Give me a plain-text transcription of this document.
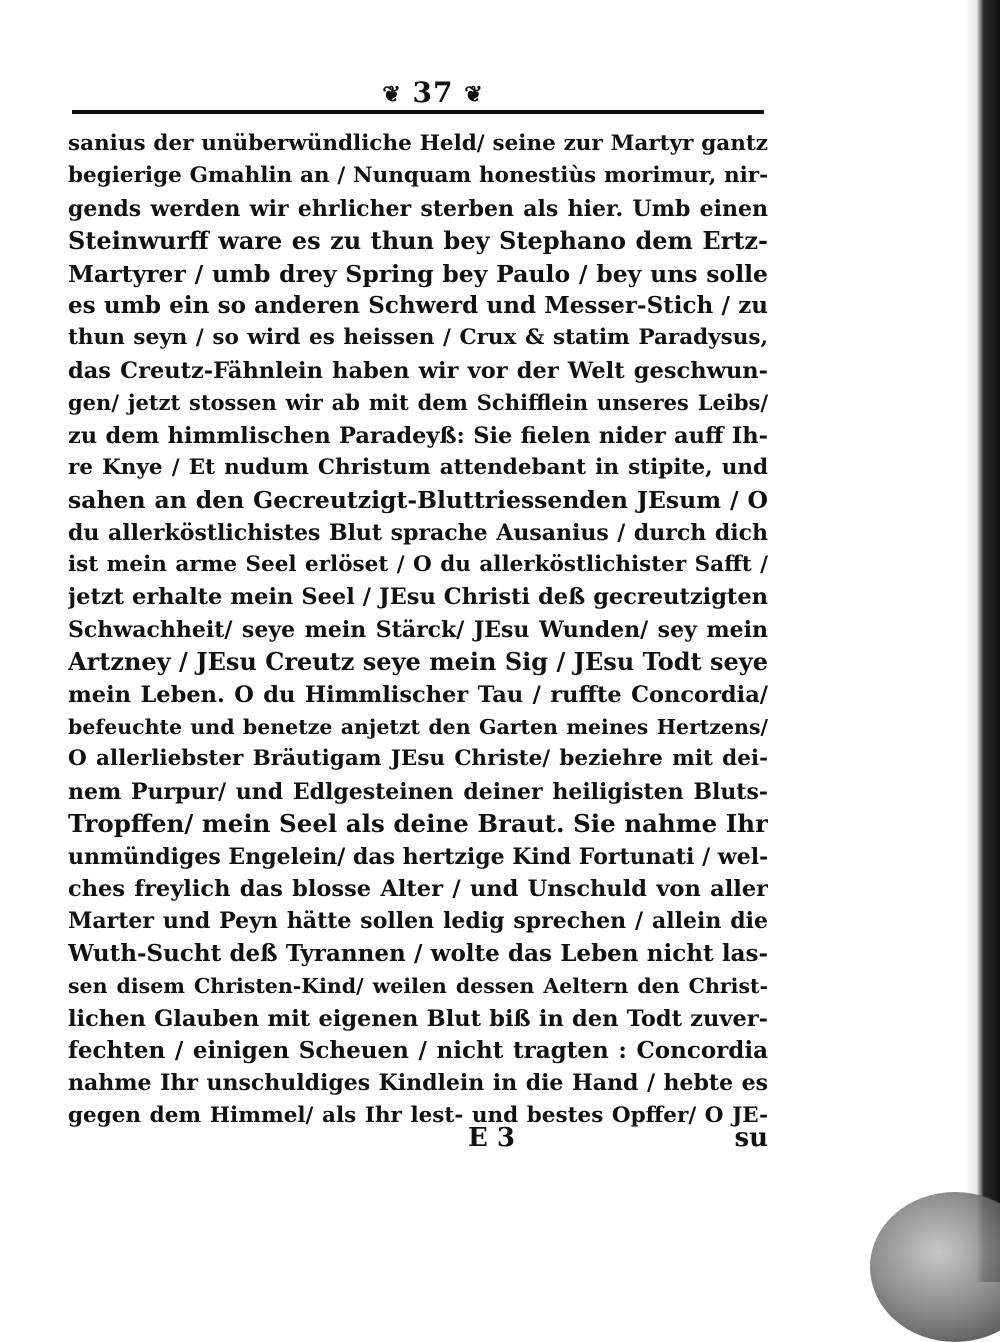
❦ 37 ❦
sanius der unüberwündliche Held/ seine zur Martyr gantz
begierige Gmahlin an / Nunquam honestiùs morimur, nir-
gends werden wir ehrlicher sterben als hier. Umb einen
Steinwurff ware es zu thun bey Stephano dem Ertz-
Martyrer / umb drey Spring bey Paulo / bey uns solle
es umb ein so anderen Schwerd und Messer-Stich / zu
thun seyn / so wird es heissen / Crux & statim Paradysus,
das Creutz-Fähnlein haben wir vor der Welt geschwun-
gen/ jetzt stossen wir ab mit dem Schifflein unseres Leibs/
zu dem himmlischen Paradeyß: Sie fielen nider auff Ih-
re Knye / Et nudum Christum attendebant in stipite, und
sahen an den Gecreutzigt-Bluttriessenden JEsum / O
du allerköstlichistes Blut sprache Ausanius / durch dich
ist mein arme Seel erlöset / O du allerköstlichister Safft /
jetzt erhalte mein Seel / JEsu Christi deß gecreutzigten
Schwachheit/ seye mein Stärck/ JEsu Wunden/ sey mein
Artzney / JEsu Creutz seye mein Sig / JEsu Todt seye
mein Leben. O du Himmlischer Tau / ruffte Concordia/
befeuchte und benetze anjetzt den Garten meines Hertzens/
O allerliebster Bräutigam JEsu Christe/ beziehre mit dei-
nem Purpur/ und Edlgesteinen deiner heiligisten Bluts-
Tropffen/ mein Seel als deine Braut. Sie nahme Ihr
unmündiges Engelein/ das hertzige Kind Fortunati / wel-
ches freylich das blosse Alter / und Unschuld von aller
Marter und Peyn hätte sollen ledig sprechen / allein die
Wuth-Sucht deß Tyrannen / wolte das Leben nicht las-
sen disem Christen-Kind/ weilen dessen Aeltern den Christ-
lichen Glauben mit eigenen Blut biß in den Todt zuver-
fechten / einigen Scheuen / nicht tragten : Concordia
nahme Ihr unschuldiges Kindlein in die Hand / hebte es
gegen dem Himmel/ als Ihr lest- und bestes Opffer/ O JE-
E 3	su
